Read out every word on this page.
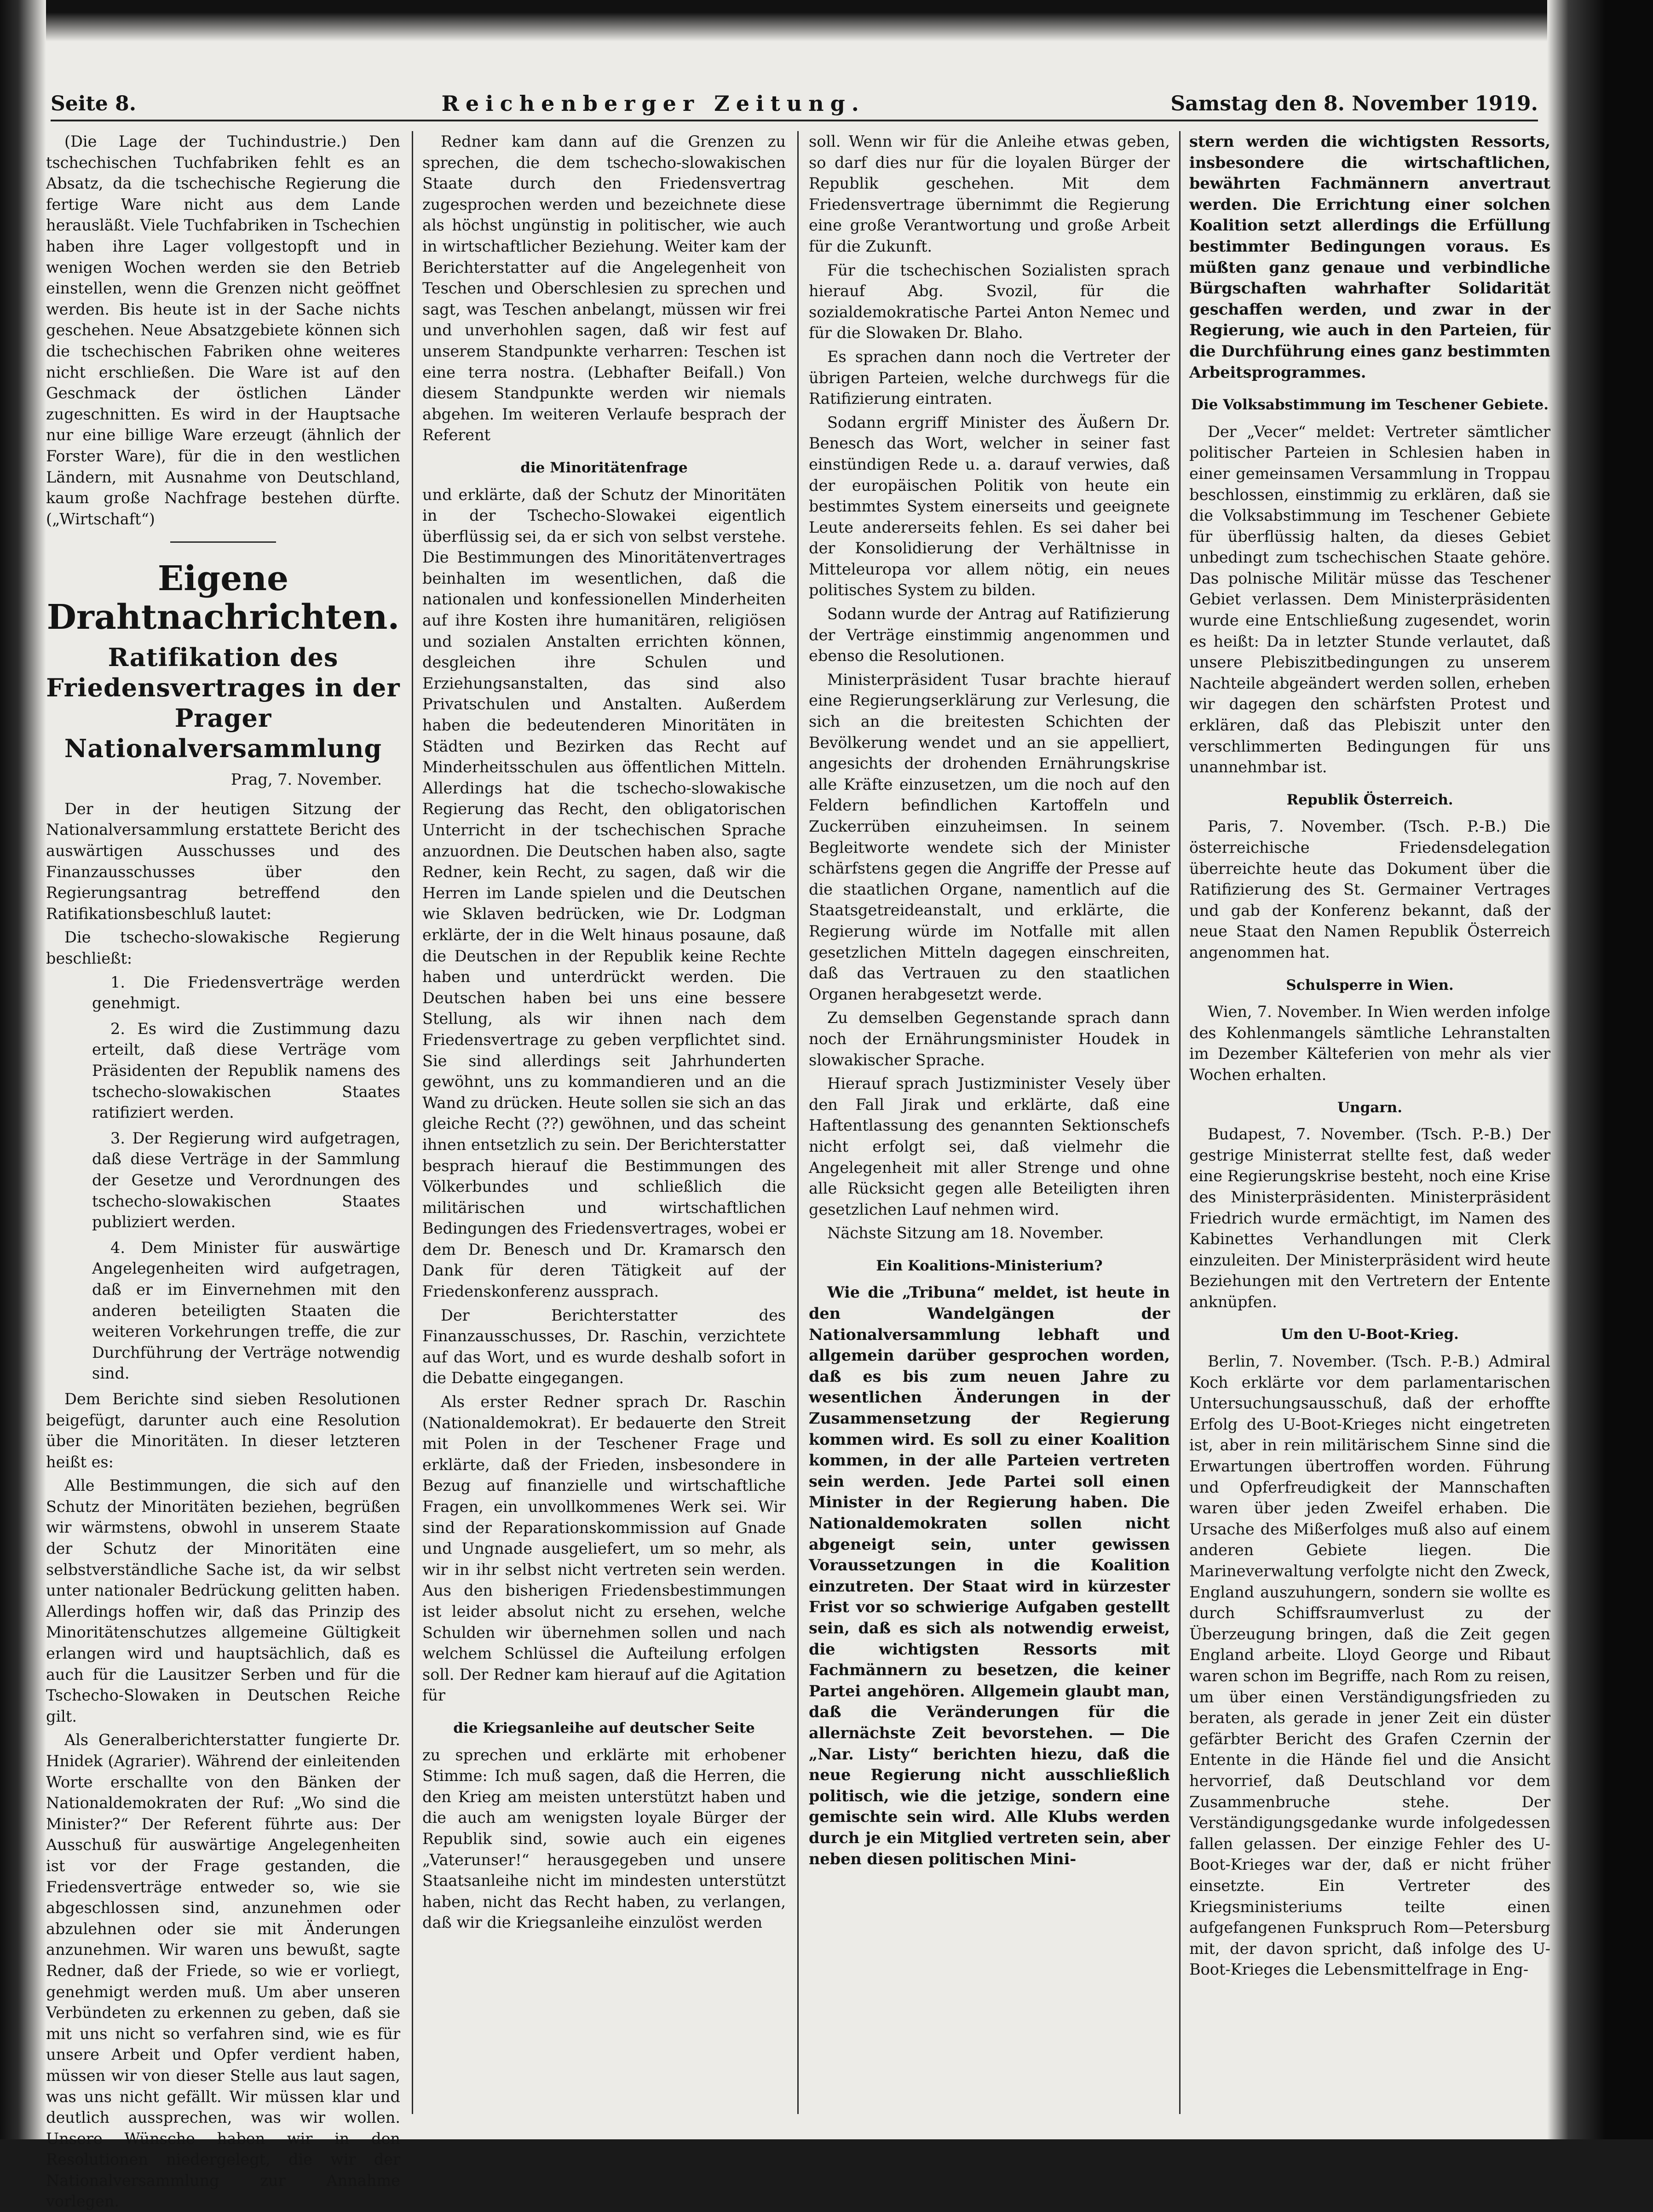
Seite 8.	Reichenberger Zeitung.	Samstag den 8. November 1919.

(Die Lage der Tuchindustrie.) Den tschechischen Tuchfabriken fehlt es an Absatz, da die tschechische Regierung die fertige Ware nicht aus dem Lande herausläßt. Viele Tuchfabriken in Tschechien haben ihre Lager vollgestopft und in wenigen Wochen werden sie den Betrieb einstellen, wenn die Grenzen nicht geöffnet werden. Bis heute ist in der Sache nichts geschehen. Neue Absatzgebiete können sich die tschechischen Fabriken ohne weiteres nicht erschließen. Die Ware ist auf den Geschmack der östlichen Länder zugeschnitten. Es wird in der Hauptsache nur eine billige Ware erzeugt (ähnlich der Forster Ware), für die in den westlichen Ländern, mit Ausnahme von Deutschland, kaum große Nachfrage bestehen dürfte. („Wirtschaft“)

Eigene Drahtnachrichten.
Ratifikation des Friedensvertrages in der Prager Nationalversammlung

Prag, 7. November.

Der in der heutigen Sitzung der Nationalversammlung erstattete Bericht des auswärtigen Ausschusses und des Finanzausschusses über den Regierungsantrag betreffend den Ratifikationsbeschluß lautet:

Die tschecho-slowakische Regierung beschließt:

1. Die Friedensverträge werden genehmigt.

2. Es wird die Zustimmung dazu erteilt, daß diese Verträge vom Präsidenten der Republik namens des tschecho-slowakischen Staates ratifiziert werden.

3. Der Regierung wird aufgetragen, daß diese Verträge in der Sammlung der Gesetze und Verordnungen des tschecho-slowakischen Staates publiziert werden.

4. Dem Minister für auswärtige Angelegenheiten wird aufgetragen, daß er im Einvernehmen mit den anderen beteiligten Staaten die weiteren Vorkehrungen treffe, die zur Durchführung der Verträge notwendig sind.

Dem Berichte sind sieben Resolutionen beigefügt, darunter auch eine Resolution über die Minoritäten. In dieser letzteren heißt es:

Alle Bestimmungen, die sich auf den Schutz der Minoritäten beziehen, begrüßen wir wärmstens, obwohl in unserem Staate der Schutz der Minoritäten eine selbstverständliche Sache ist, da wir selbst unter nationaler Bedrückung gelitten haben. Allerdings hoffen wir, daß das Prinzip des Minoritätenschutzes allgemeine Gültigkeit erlangen wird und hauptsächlich, daß es auch für die Lausitzer Serben und für die Tschecho-Slowaken in Deutschen Reiche gilt.

Als Generalberichterstatter fungierte Dr. Hnidek (Agrarier). Während der einleitenden Worte erschallte von den Bänken der Nationaldemokraten der Ruf: „Wo sind die Minister?“ Der Referent führte aus: Der Ausschuß für auswärtige Angelegenheiten ist vor der Frage gestanden, die Friedensverträge entweder so, wie sie abgeschlossen sind, anzunehmen oder abzulehnen oder sie mit Änderungen anzunehmen. Wir waren uns bewußt, sagte Redner, daß der Friede, so wie er vorliegt, genehmigt werden muß. Um aber unseren Verbündeten zu erkennen zu geben, daß sie mit uns nicht so verfahren sind, wie es für unsere Arbeit und Opfer verdient haben, müssen wir von dieser Stelle aus laut sagen, was uns nicht gefällt. Wir müssen klar und deutlich aussprechen, was wir wollen. Unsere Wünsche haben wir in den Resolutionen niedergelegt, die wir der Nationalversammlung zur Annahme vorlegen.

Redner kam dann auf die Grenzen zu sprechen, die dem tschecho-slowakischen Staate durch den Friedensvertrag zugesprochen werden und bezeichnete diese als höchst ungünstig in politischer, wie auch in wirtschaftlicher Beziehung. Weiter kam der Berichterstatter auf die Angelegenheit von Teschen und Oberschlesien zu sprechen und sagt, was Teschen anbelangt, müssen wir frei und unverhohlen sagen, daß wir fest auf unserem Standpunkte verharren: Teschen ist eine terra nostra. (Lebhafter Beifall.) Von diesem Standpunkte werden wir niemals abgehen. Im weiteren Verlaufe besprach der Referent

die Minoritätenfrage

und erklärte, daß der Schutz der Minoritäten in der Tschecho-Slowakei eigentlich überflüssig sei, da er sich von selbst verstehe. Die Bestimmungen des Minoritätenvertrages beinhalten im wesentlichen, daß die nationalen und konfessionellen Minderheiten auf ihre Kosten ihre humanitären, religiösen und sozialen Anstalten errichten können, desgleichen ihre Schulen und Erziehungsanstalten, das sind also Privatschulen und Anstalten. Außerdem haben die bedeutenderen Minoritäten in Städten und Bezirken das Recht auf Minderheitsschulen aus öffentlichen Mitteln. Allerdings hat die tschecho-slowakische Regierung das Recht, den obligatorischen Unterricht in der tschechischen Sprache anzuordnen. Die Deutschen haben also, sagte Redner, kein Recht, zu sagen, daß wir die Herren im Lande spielen und die Deutschen wie Sklaven bedrücken, wie Dr. Lodgman erklärte, der in die Welt hinaus posaune, daß die Deutschen in der Republik keine Rechte haben und unterdrückt werden. Die Deutschen haben bei uns eine bessere Stellung, als wir ihnen nach dem Friedensvertrage zu geben verpflichtet sind. Sie sind allerdings seit Jahrhunderten gewöhnt, uns zu kommandieren und an die Wand zu drücken. Heute sollen sie sich an das gleiche Recht (??) gewöhnen, und das scheint ihnen entsetzlich zu sein. Der Berichterstatter besprach hierauf die Bestimmungen des Völkerbundes und schließlich die militärischen und wirtschaftlichen Bedingungen des Friedensvertrages, wobei er dem Dr. Benesch und Dr. Kramarsch den Dank für deren Tätigkeit auf der Friedenskonferenz aussprach.

Der Berichterstatter des Finanzausschusses, Dr. Raschin, verzichtete auf das Wort, und es wurde deshalb sofort in die Debatte eingegangen.

Als erster Redner sprach Dr. Raschin (Nationaldemokrat). Er bedauerte den Streit mit Polen in der Teschener Frage und erklärte, daß der Frieden, insbesondere in Bezug auf finanzielle und wirtschaftliche Fragen, ein unvollkommenes Werk sei. Wir sind der Reparationskommission auf Gnade und Ungnade ausgeliefert, um so mehr, als wir in ihr selbst nicht vertreten sein werden. Aus den bisherigen Friedensbestimmungen ist leider absolut nicht zu ersehen, welche Schulden wir übernehmen sollen und nach welchem Schlüssel die Aufteilung erfolgen soll. Der Redner kam hierauf auf die Agitation für

die Kriegsanleihe auf deutscher Seite

zu sprechen und erklärte mit erhobener Stimme: Ich muß sagen, daß die Herren, die den Krieg am meisten unterstützt haben und die auch am wenigsten loyale Bürger der Republik sind, sowie auch ein eigenes „Vaterunser!“ herausgegeben und unsere Staatsanleihe nicht im mindesten unterstützt haben, nicht das Recht haben, zu verlangen, daß wir die Kriegsanleihe einzulöst werden

soll. Wenn wir für die Anleihe etwas geben, so darf dies nur für die loyalen Bürger der Republik geschehen. Mit dem Friedensvertrage übernimmt die Regierung eine große Verantwortung und große Arbeit für die Zukunft.

Für die tschechischen Sozialisten sprach hierauf Abg. Svozil, für die sozialdemokratische Partei Anton Nemec und für die Slowaken Dr. Blaho.

Es sprachen dann noch die Vertreter der übrigen Parteien, welche durchwegs für die Ratifizierung eintraten.

Sodann ergriff Minister des Äußern Dr. Benesch das Wort, welcher in seiner fast einstündigen Rede u. a. darauf verwies, daß der europäischen Politik von heute ein bestimmtes System einerseits und geeignete Leute andererseits fehlen. Es sei daher bei der Konsolidierung der Verhältnisse in Mitteleuropa vor allem nötig, ein neues politisches System zu bilden.

Sodann wurde der Antrag auf Ratifizierung der Verträge einstimmig angenommen und ebenso die Resolutionen.

Ministerpräsident Tusar brachte hierauf eine Regierungserklärung zur Verlesung, die sich an die breitesten Schichten der Bevölkerung wendet und an sie appelliert, angesichts der drohenden Ernährungskrise alle Kräfte einzusetzen, um die noch auf den Feldern befindlichen Kartoffeln und Zuckerrüben einzuheimsen. In seinem Begleitworte wendete sich der Minister schärfstens gegen die Angriffe der Presse auf die staatlichen Organe, namentlich auf die Staatsgetreideanstalt, und erklärte, die Regierung würde im Notfalle mit allen gesetzlichen Mitteln dagegen einschreiten, daß das Vertrauen zu den staatlichen Organen herabgesetzt werde.

Zu demselben Gegenstande sprach dann noch der Ernährungsminister Houdek in slowakischer Sprache.

Hierauf sprach Justizminister Vesely über den Fall Jirak und erklärte, daß eine Haftentlassung des genannten Sektionschefs nicht erfolgt sei, daß vielmehr die Angelegenheit mit aller Strenge und ohne alle Rücksicht gegen alle Beteiligten ihren gesetzlichen Lauf nehmen wird.

Nächste Sitzung am 18. November.

Ein Koalitions-Ministerium?

Wie die „Tribuna“ meldet, ist heute in den Wandelgängen der Nationalversammlung lebhaft und allgemein darüber gesprochen worden, daß es bis zum neuen Jahre zu wesentlichen Änderungen in der Zusammensetzung der Regierung kommen wird. Es soll zu einer Koalition kommen, in der alle Parteien vertreten sein werden. Jede Partei soll einen Minister in der Regierung haben. Die Nationaldemokraten sollen nicht abgeneigt sein, unter gewissen Voraussetzungen in die Koalition einzutreten. Der Staat wird in kürzester Frist vor so schwierige Aufgaben gestellt sein, daß es sich als notwendig erweist, die wichtigsten Ressorts mit Fachmännern zu besetzen, die keiner Partei angehören. Allgemein glaubt man, daß die Veränderungen für die allernächste Zeit bevorstehen. — Die „Nar. Listy“ berichten hiezu, daß die neue Regierung nicht ausschließlich politisch, wie die jetzige, sondern eine gemischte sein wird. Alle Klubs werden durch je ein Mitglied vertreten sein, aber neben diesen politischen Mini-

stern werden die wichtigsten Ressorts, insbesondere die wirtschaftlichen, bewährten Fachmännern anvertraut werden. Die Errichtung einer solchen Koalition setzt allerdings die Erfüllung bestimmter Bedingungen voraus. Es müßten ganz genaue und verbindliche Bürgschaften wahrhafter Solidarität geschaffen werden, und zwar in der Regierung, wie auch in den Parteien, für die Durchführung eines ganz bestimmten Arbeitsprogrammes.

Die Volksabstimmung im Teschener Gebiete.

Der „Vecer“ meldet: Vertreter sämtlicher politischer Parteien in Schlesien haben in einer gemeinsamen Versammlung in Troppau beschlossen, einstimmig zu erklären, daß sie die Volksabstimmung im Teschener Gebiete für überflüssig halten, da dieses Gebiet unbedingt zum tschechischen Staate gehöre. Das polnische Militär müsse das Teschener Gebiet verlassen. Dem Ministerpräsidenten wurde eine Entschließung zugesendet, worin es heißt: Da in letzter Stunde verlautet, daß unsere Plebiszitbedingungen zu unserem Nachteile abgeändert werden sollen, erheben wir dagegen den schärfsten Protest und erklären, daß das Plebiszit unter den verschlimmerten Bedingungen für uns unannehmbar ist.

Republik Österreich.

Paris, 7. November. (Tsch. P.-B.) Die österreichische Friedensdelegation überreichte heute das Dokument über die Ratifizierung des St. Germainer Vertrages und gab der Konferenz bekannt, daß der neue Staat den Namen Republik Österreich angenommen hat.

Schulsperre in Wien.

Wien, 7. November. In Wien werden infolge des Kohlenmangels sämtliche Lehranstalten im Dezember Kälteferien von mehr als vier Wochen erhalten.

Ungarn.

Budapest, 7. November. (Tsch. P.-B.) Der gestrige Ministerrat stellte fest, daß weder eine Regierungskrise besteht, noch eine Krise des Ministerpräsidenten. Ministerpräsident Friedrich wurde ermächtigt, im Namen des Kabinettes Verhandlungen mit Clerk einzuleiten. Der Ministerpräsident wird heute Beziehungen mit den Vertretern der Entente anknüpfen.

Um den U-Boot-Krieg.

Berlin, 7. November. (Tsch. P.-B.) Admiral Koch erklärte vor dem parlamentarischen Untersuchungsausschuß, daß der erhoffte Erfolg des U-Boot-Krieges nicht eingetreten ist, aber in rein militärischem Sinne sind die Erwartungen übertroffen worden. Führung und Opferfreudigkeit der Mannschaften waren über jeden Zweifel erhaben. Die Ursache des Mißerfolges muß also auf einem anderen Gebiete liegen. Die Marineverwaltung verfolgte nicht den Zweck, England auszuhungern, sondern sie wollte es durch Schiffsraumverlust zu der Überzeugung bringen, daß die Zeit gegen England arbeite. Lloyd George und Ribaut waren schon im Begriffe, nach Rom zu reisen, um über einen Verständigungsfrieden zu beraten, als gerade in jener Zeit ein düster gefärbter Bericht des Grafen Czernin der Entente in die Hände fiel und die Ansicht hervorrief, daß Deutschland vor dem Zusammenbruche stehe. Der Verständigungsgedanke wurde infolgedessen fallen gelassen. Der einzige Fehler des U-Boot-Krieges war der, daß er nicht früher einsetzte. Ein Vertreter des Kriegsministeriums teilte einen aufgefangenen Funkspruch Rom—Petersburg mit, der davon spricht, daß infolge des U-Boot-Krieges die Lebensmittelfrage in Eng-
